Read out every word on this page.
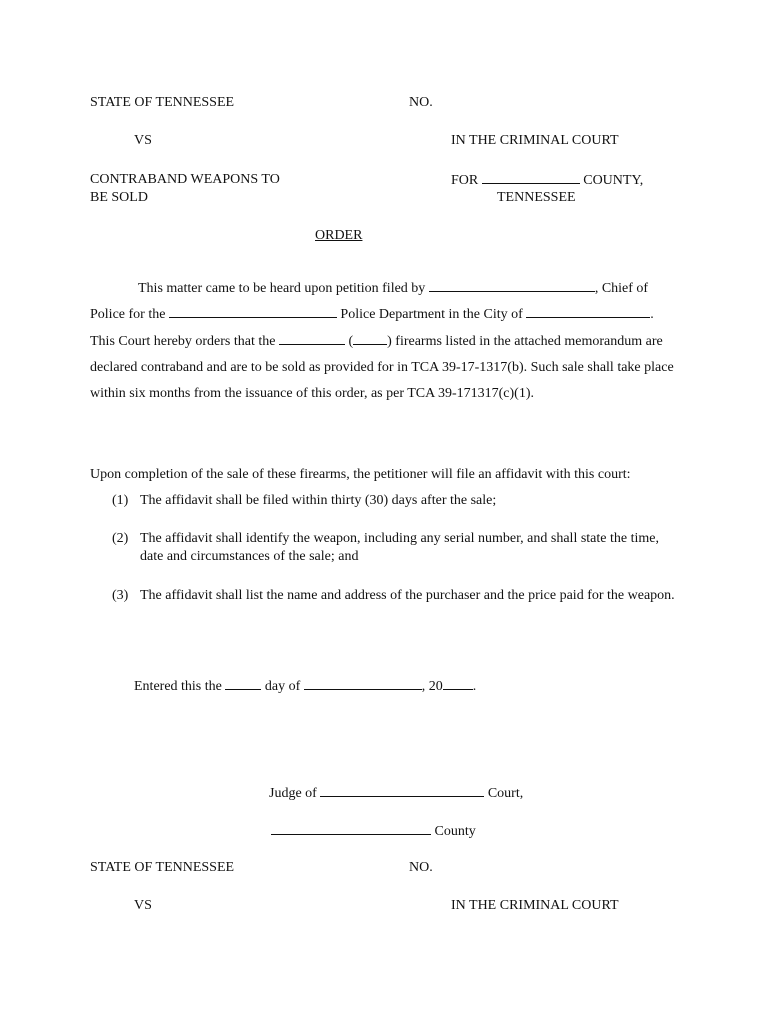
STATE OF TENNESSEE	NO.
VS	IN THE CRIMINAL COURT
CONTRABAND WEAPONS TO
BE SOLD
FOR	COUNTY,
TENNESSEE
ORDER
This matter came to be heard upon petition filed by	, Chief of Police for the	Police Department in the City of	. This Court hereby orders that the	( ) firearms listed in the attached memorandum are declared contraband and are to be sold as provided for in TCA 39-17-1317(b). Such sale shall take place within six months from the issuance of this order, as per TCA 39-171317(c)(1).
Upon completion of the sale of these firearms, the petitioner will file an affidavit with this court:
(1) The affidavit shall be filed within thirty (30) days after the sale;
(2) The affidavit shall identify the weapon, including any serial number, and shall state the time, date and circumstances of the sale; and
(3) The affidavit shall list the name and address of the purchaser and the price paid for the weapon.
Entered this the	day of	, 20 .
Judge of	Court,
County
STATE OF TENNESSEE	NO.
VS	IN THE CRIMINAL COURT
